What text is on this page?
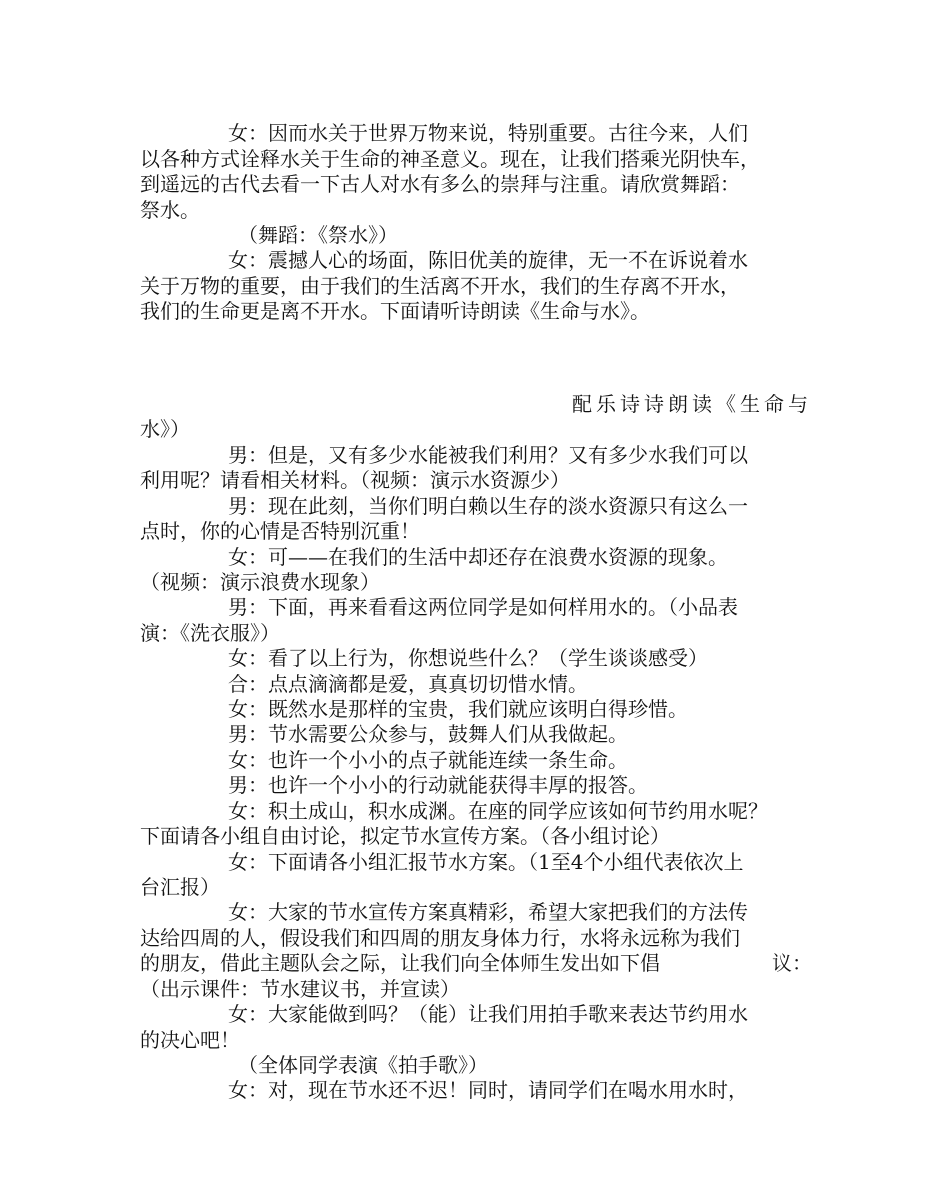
女：因而水关于世界万物来说，特别重要。古往今来，人们
以各种方式诠释水关于生命的神圣意义。现在，让我们搭乘光阴快车，
到遥远的古代去看一下古人对水有多么的崇拜与注重。请欣赏舞蹈：
祭水。
（舞蹈：《祭水》）
女：震撼人心的场面，陈旧优美的旋律，无一不在诉说着水
关于万物的重要，由于我们的生活离不开水，我们的生存离不开水，
我们的生命更是离不开水。下面请听诗朗读《生命与水》。
配乐诗诗朗读《生命与
水》）
男：但是，又有多少水能被我们利用？又有多少水我们可以
利用呢？请看相关材料。（视频：演示水资源少）
男：现在此刻，当你们明白赖以生存的淡水资源只有这么一
点时，你的心情是否特别沉重！
女：可——在我们的生活中却还存在浪费水资源的现象。
（视频：演示浪费水现象）
男：下面，再来看看这两位同学是如何样用水的。（小品表
演：《洗衣服》）
女：看了以上行为，你想说些什么？（学生谈谈感受）
合：点点滴滴都是爱，真真切切惜水情。
女：既然水是那样的宝贵，我们就应该明白得珍惜。
男：节水需要公众参与，鼓舞人们从我做起。
女：也许一个小小的点子就能连续一条生命。
男：也许一个小小的行动就能获得丰厚的报答。
女：积土成山，积水成渊。在座的同学应该如何节约用水呢？
下面请各小组自由讨论，拟定节水宣传方案。（各小组讨论）
女：下面请各小组汇报节水方案。（1至4个小组代表依次上
台汇报）
女：大家的节水宣传方案真精彩，希望大家把我们的方法传
达给四周的人，假设我们和四周的朋友身体力行，水将永远称为我们
的朋友，借此主题队会之际，让我们向全体师生发出如下倡	议：
（出示课件：节水建议书，并宣读）
女：大家能做到吗？（能）让我们用拍手歌来表达节约用水
的决心吧！
（全体同学表演《拍手歌》）
女：对，现在节水还不迟！同时，请同学们在喝水用水时，
